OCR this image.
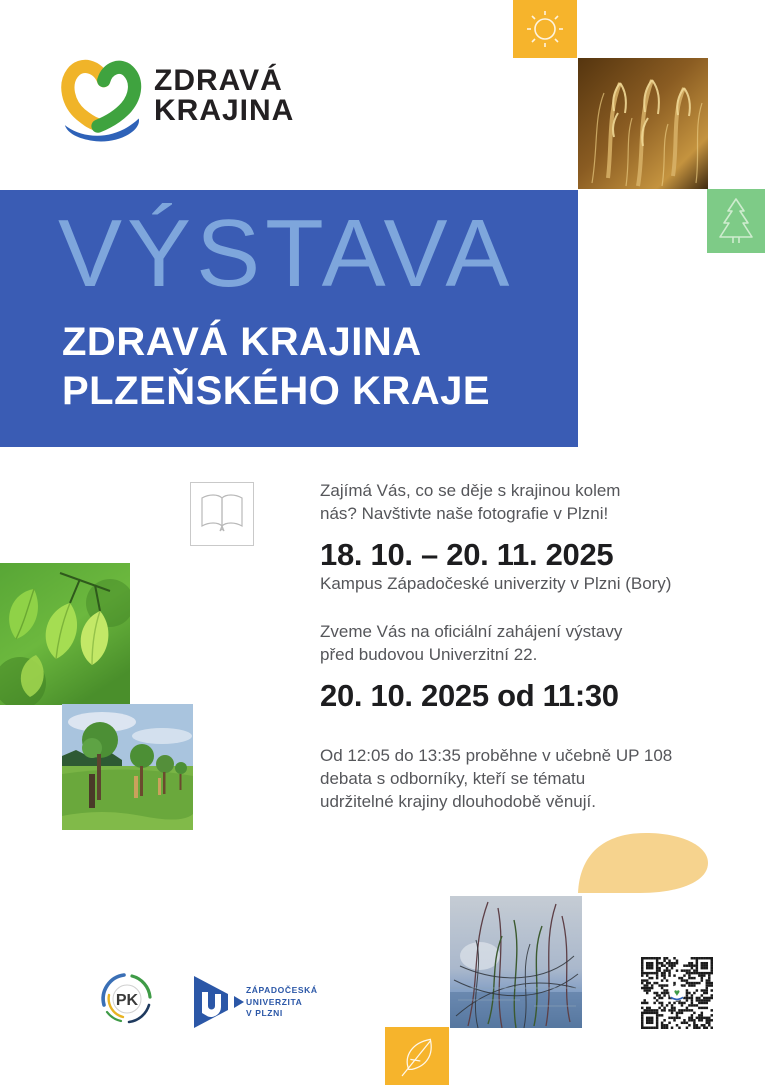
ZDRAVÁ
KRAJINA
VÝSTAVA
ZDRAVÁ KRAJINA
PLZEŇSKÉHO KRAJE
Zajímá Vás, co se děje s krajinou kolem
nás? Navštivte naše fotografie v Plzni!
18. 10. – 20. 11. 2025
Kampus Západočeské univerzity v Plzni (Bory)
Zveme Vás na oficiální zahájení výstavy
před budovou Univerzitní 22.
20. 10. 2025 od 11:30
Od 12:05 do 13:35 proběhne v učebně UP 108
debata s odborníky, kteří se tématu
udržitelné krajiny dlouhodobě věnují.
♥
PK
ZÁPADOČESKÁ
UNIVERZITA
V PLZNI
